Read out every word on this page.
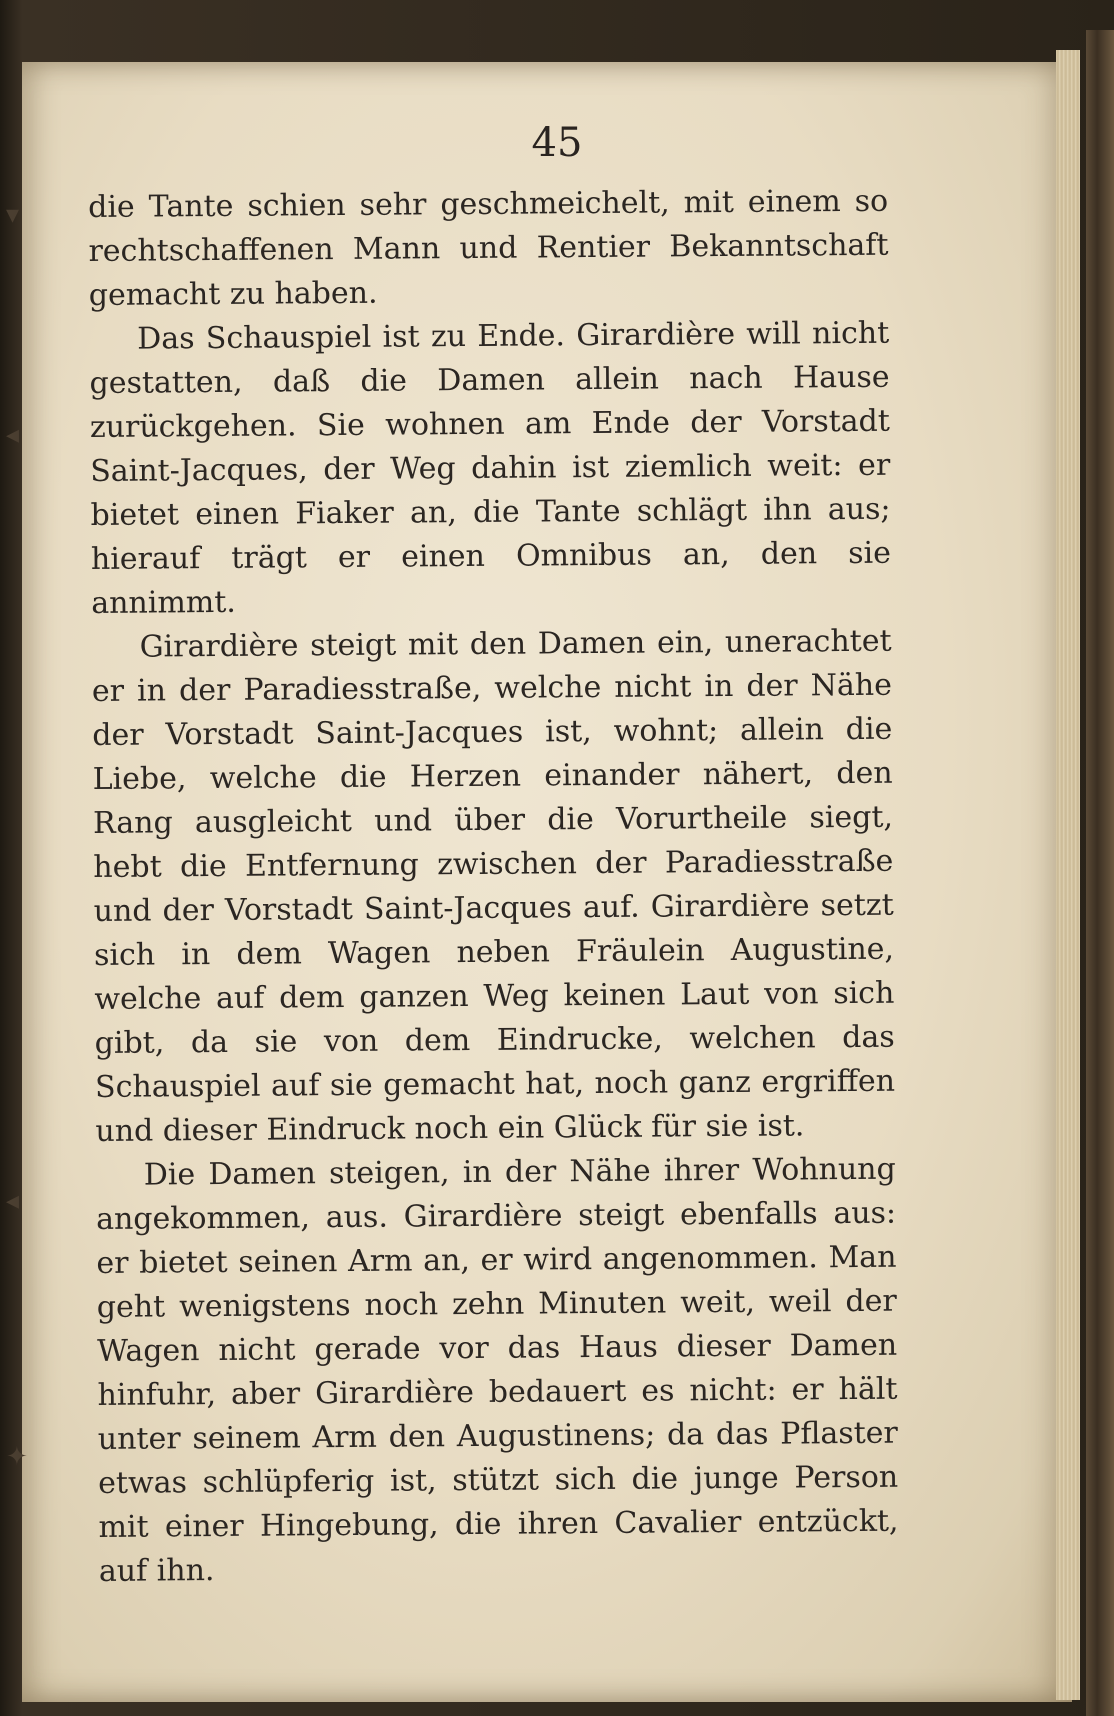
▾
◂
◂
✦
45

die Tante schien sehr geschmeichelt, mit einem so rechtschaffenen Mann und Rentier Bekanntschaft gemacht zu haben.

Das Schauspiel ist zu Ende. Girardière will nicht gestatten, daß die Damen allein nach Hause zurückgehen. Sie wohnen am Ende der Vorstadt Saint-Jacques, der Weg dahin ist ziemlich weit: er bietet einen Fiaker an, die Tante schlägt ihn aus; hierauf trägt er einen Omnibus an, den sie annimmt.

Girardière steigt mit den Damen ein, unerachtet er in der Paradiesstraße, welche nicht in der Nähe der Vorstadt Saint-Jacques ist, wohnt; allein die Liebe, welche die Herzen einander nähert, den Rang ausgleicht und über die Vorurtheile siegt, hebt die Entfernung zwischen der Paradiesstraße und der Vorstadt Saint-Jacques auf. Girardière setzt sich in dem Wagen neben Fräulein Augustine, welche auf dem ganzen Weg keinen Laut von sich gibt, da sie von dem Eindrucke, welchen das Schauspiel auf sie gemacht hat, noch ganz ergriffen und dieser Eindruck noch ein Glück für sie ist.

Die Damen steigen, in der Nähe ihrer Wohnung angekommen, aus. Girardière steigt ebenfalls aus: er bietet seinen Arm an, er wird angenommen. Man geht wenigstens noch zehn Minuten weit, weil der Wagen nicht gerade vor das Haus dieser Damen hinfuhr, aber Girardière bedauert es nicht: er hält unter seinem Arm den Augustinens; da das Pflaster etwas schlüpferig ist, stützt sich die junge Person mit einer Hingebung, die ihren Cavalier entzückt, auf ihn.
